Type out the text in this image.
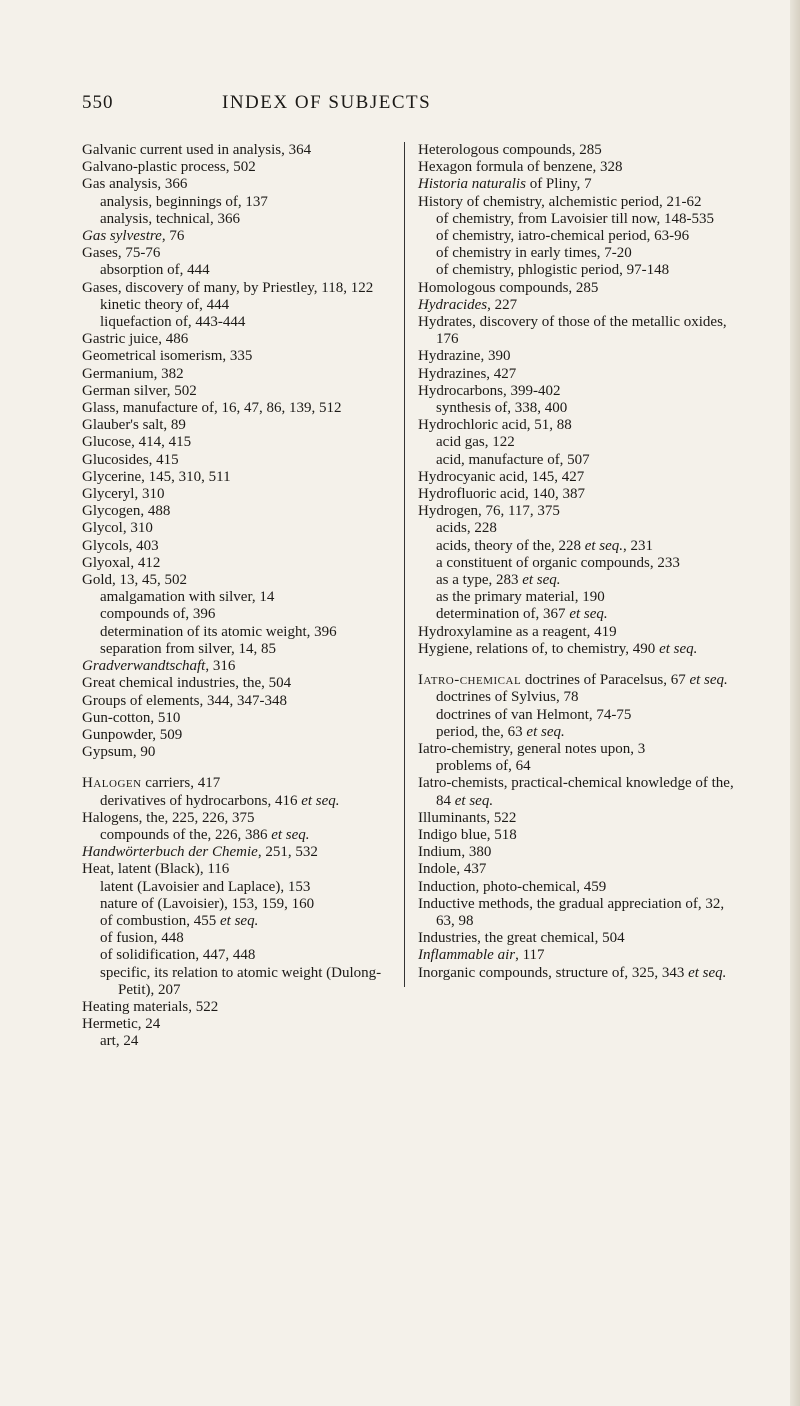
550	INDEX OF SUBJECTS
Galvanic current used in analysis, 364
Galvano-plastic process, 502
Gas analysis, 366
analysis, beginnings of, 137
analysis, technical, 366
Gas sylvestre, 76
Gases, 75-76
absorption of, 444
Gases, discovery of many, by Priestley, 118, 122
kinetic theory of, 444
liquefaction of, 443-444
Gastric juice, 486
Geometrical isomerism, 335
Germanium, 382
German silver, 502
Glass, manufacture of, 16, 47, 86, 139, 512
Glauber's salt, 89
Glucose, 414, 415
Glucosides, 415
Glycerine, 145, 310, 511
Glyceryl, 310
Glycogen, 488
Glycol, 310
Glycols, 403
Glyoxal, 412
Gold, 13, 45, 502
amalgamation with silver, 14
compounds of, 396
determination of its atomic weight, 396
separation from silver, 14, 85
Gradverwandtschaft, 316
Great chemical industries, the, 504
Groups of elements, 344, 347-348
Gun-cotton, 510
Gunpowder, 509
Gypsum, 90
Halogen carriers, 417
derivatives of hydrocarbons, 416 et seq.
Halogens, the, 225, 226, 375
compounds of the, 226, 386 et seq.
Handwörterbuch der Chemie, 251, 532
Heat, latent (Black), 116
latent (Lavoisier and Laplace), 153
nature of (Lavoisier), 153, 159, 160
of combustion, 455 et seq.
of fusion, 448
of solidification, 447, 448
specific, its relation to atomic weight (Dulong-Petit), 207
Heating materials, 522
Hermetic, 24
art, 24
Heterologous compounds, 285
Hexagon formula of benzene, 328
Historia naturalis of Pliny, 7
History of chemistry, alchemistic period, 21-62
of chemistry, from Lavoisier till now, 148-535
of chemistry, iatro-chemical period, 63-96
of chemistry in early times, 7-20
of chemistry, phlogistic period, 97-148
Homologous compounds, 285
Hydracides, 227
Hydrates, discovery of those of the metallic oxides, 176
Hydrazine, 390
Hydrazines, 427
Hydrocarbons, 399-402
synthesis of, 338, 400
Hydrochloric acid, 51, 88
acid gas, 122
acid, manufacture of, 507
Hydrocyanic acid, 145, 427
Hydrofluoric acid, 140, 387
Hydrogen, 76, 117, 375
acids, 228
acids, theory of the, 228 et seq., 231
a constituent of organic compounds, 233
as a type, 283 et seq.
as the primary material, 190
determination of, 367 et seq.
Hydroxylamine as a reagent, 419
Hygiene, relations of, to chemistry, 490 et seq.
Iatro-chemical doctrines of Paracelsus, 67 et seq.
doctrines of Sylvius, 78
doctrines of van Helmont, 74-75
period, the, 63 et seq.
Iatro-chemistry, general notes upon, 3
problems of, 64
Iatro-chemists, practical-chemical knowledge of the, 84 et seq.
Illuminants, 522
Indigo blue, 518
Indium, 380
Indole, 437
Induction, photo-chemical, 459
Inductive methods, the gradual appreciation of, 32, 63, 98
Industries, the great chemical, 504
Inflammable air, 117
Inorganic compounds, structure of, 325, 343 et seq.
